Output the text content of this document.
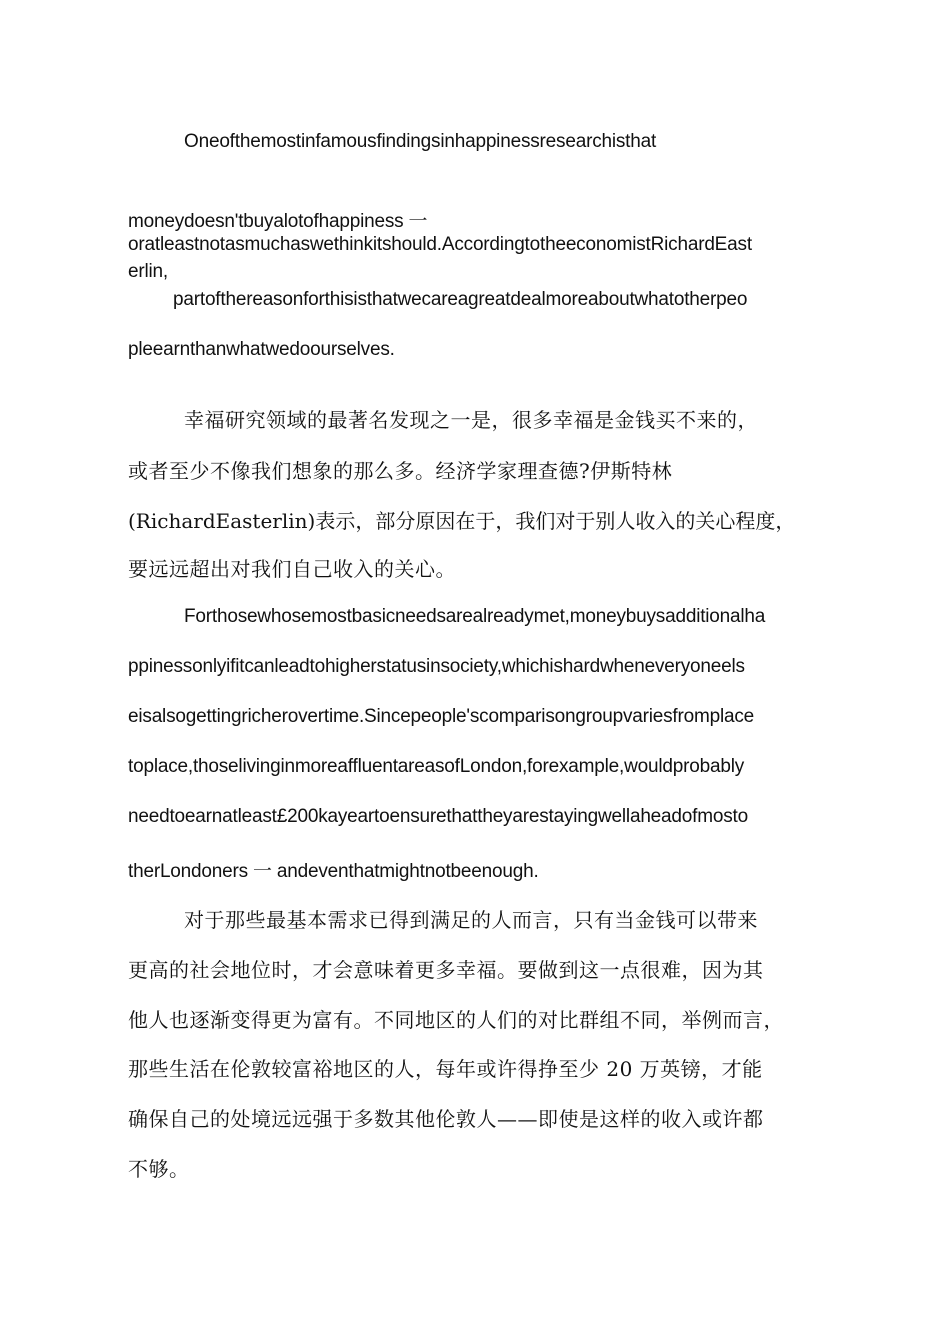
Oneofthemostinfamousfindingsinhappinessresearchisthat
moneydoesn'tbuyalotofhappiness 一
oratleastnotasmuchaswethinkitshould.AccordingtotheeconomistRichardEast
erlin,
partofthereasonforthisisthatwecareagreatdealmoreaboutwhatotherpeo
pleearnthanwhatwedoourselves.
幸福研究领域的最著名发现之一是，很多幸福是金钱买不来的，
或者至少不像我们想象的那么多。经济学家理查德?伊斯特林
(RichardEasterlin)表示，部分原因在于，我们对于别人收入的关心程度，
要远远超出对我们自己收入的关心。
Forthosewhosemostbasicneedsarealreadymet,moneybuysadditionalha
ppinessonlyifitcanleadtohigherstatusinsociety,whichishardwheneveryoneels
eisalsogettingricherovertime.Sincepeople'scomparisongroupvariesfromplace
toplace,thoselivinginmoreaffluentareasofLondon,forexample,wouldprobably
needtoearnatleast£200kayeartoensurethattheyarestayingwellaheadofmosto
therLondoners 一 andeventhatmightnotbeenough.
对于那些最基本需求已得到满足的人而言，只有当金钱可以带来
更高的社会地位时，才会意味着更多幸福。要做到这一点很难，因为其
他人也逐渐变得更为富有。不同地区的人们的对比群组不同，举例而言，
那些生活在伦敦较富裕地区的人，每年或许得挣至少 20 万英镑，才能
确保自己的处境远远强于多数其他伦敦人——即使是这样的收入或许都
不够。
